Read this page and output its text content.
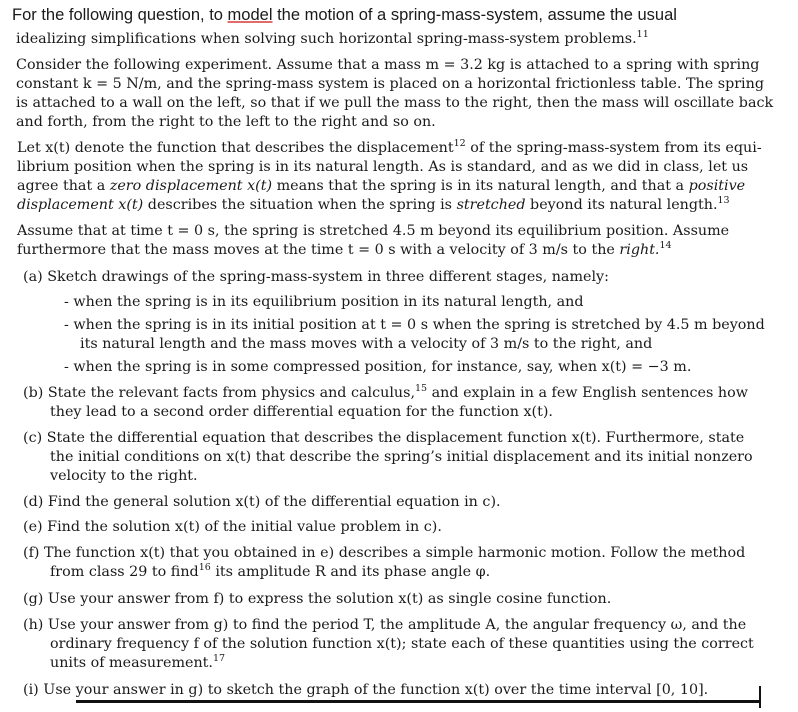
For the following question, to model the motion of a spring-mass-system, assume the usual
idealizing simplifications when solving such horizontal spring-mass-system problems.$^{11}$
Consider the following experiment. Assume that a mass m = 3.2 kg is attached to a spring with spring
constant k = 5 N/m, and the spring-mass system is placed on a horizontal frictionless table. The spring
is attached to a wall on the left, so that if we pull the mass to the right, then the mass will oscillate back
and forth, from the right to the left to the right and so on.
Let x(t) denote the function that describes the displacement$^{12}$ of the spring-mass-system from its equi-
librium position when the spring is in its natural length. As is standard, and as we did in class, let us
agree that a zero displacement x(t) means that the spring is in its natural length, and that a positive
displacement x(t) describes the situation when the spring is stretched beyond its natural length.$^{13}$
Assume that at time t = 0 s, the spring is stretched 4.5 m beyond its equilibrium position. Assume
furthermore that the mass moves at the time t = 0 s with a velocity of 3 m/s to the right.$^{14}$
(a) Sketch drawings of the spring-mass-system in three different stages, namely:
- when the spring is in its equilibrium position in its natural length, and
- when the spring is in its initial position at t = 0 s when the spring is stretched by 4.5 m beyond
its natural length and the mass moves with a velocity of 3 m/s to the right, and
- when the spring is in some compressed position, for instance, say, when x(t) = −3 m.
(b) State the relevant facts from physics and calculus,$^{15}$ and explain in a few English sentences how
they lead to a second order differential equation for the function x(t).
(c) State the differential equation that describes the displacement function x(t). Furthermore, state
the initial conditions on x(t) that describe the spring’s initial displacement and its initial nonzero
velocity to the right.
(d) Find the general solution x(t) of the differential equation in c).
(e) Find the solution x(t) of the initial value problem in c).
(f) The function x(t) that you obtained in e) describes a simple harmonic motion. Follow the method
from class 29 to find$^{16}$ its amplitude R and its phase angle φ.
(g) Use your answer from f) to express the solution x(t) as single cosine function.
(h) Use your answer from g) to find the period T, the amplitude A, the angular frequency ω, and the
ordinary frequency f of the solution function x(t); state each of these quantities using the correct
units of measurement.$^{17}$
(i) Use your answer in g) to sketch the graph of the function x(t) over the time interval [0, 10].
